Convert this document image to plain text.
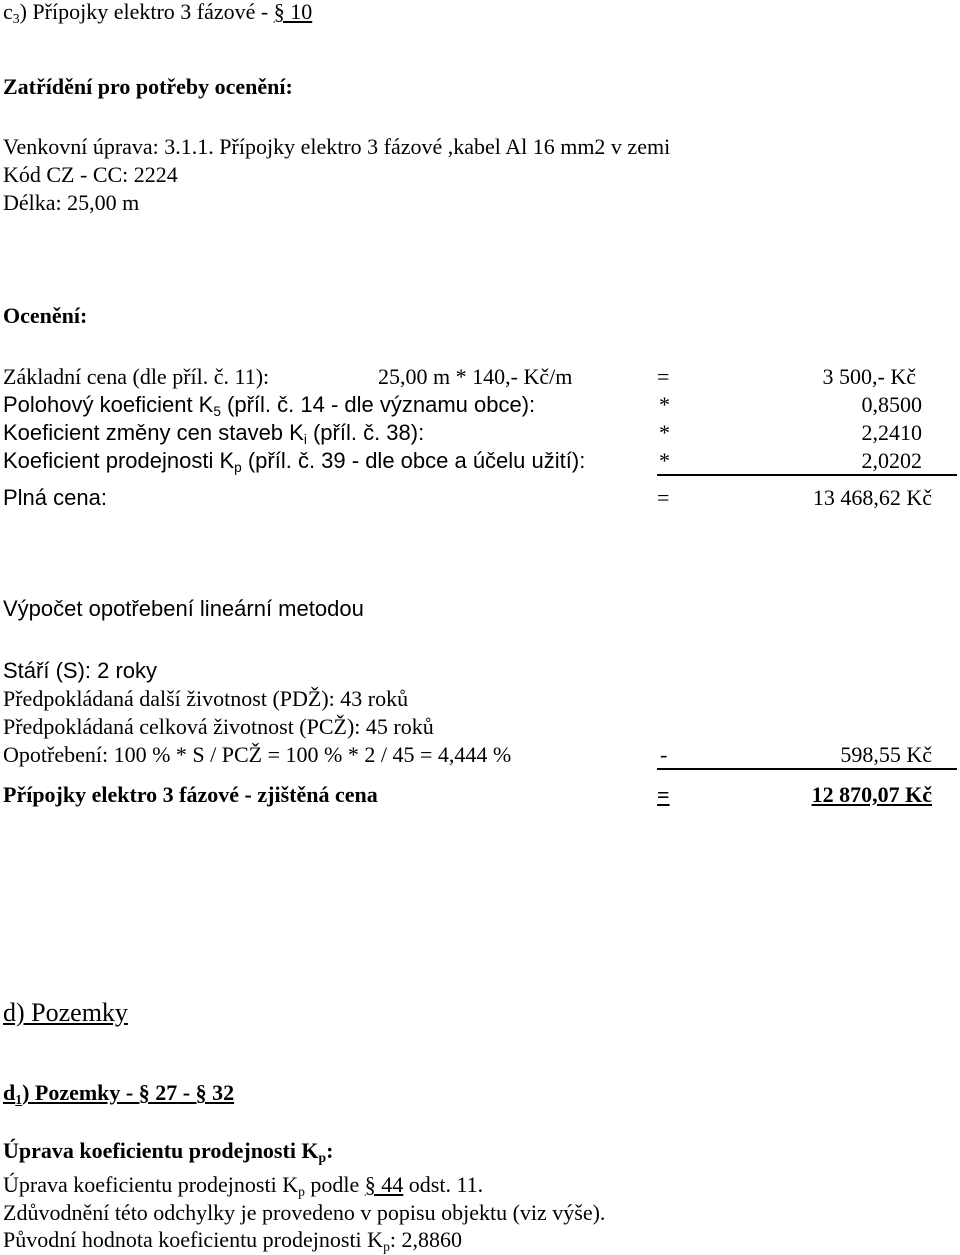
$c_3$) Přípojky elektro 3 fázové - § 10
Zatřídění pro potřeby ocenění:
Venkovní úprava: 3.1.1. Přípojky elektro 3 fázové ,kabel Al 16 mm2 v zemi
Kód CZ - CC: 2224
Délka: 25,00 m
Ocenění:
Základní cena (dle příl. č. 11):	25,00 m * 140,- Kč/m	=	3 500,- Kč
Polohový koeficient $K_5$ (příl. č. 14 - dle významu obce):	*	0,8500
Koeficient změny cen staveb $K_i$ (příl. č. 38):	*	2,2410
Koeficient prodejnosti $K_p$ (příl. č. 39 - dle obce a účelu užití):	*	2,0202
Plná cena:	=	13 468,62 Kč
Výpočet opotřebení lineární metodou
Stáří (S): 2 roky
Předpokládaná další životnost (PDŽ): 43 roků
Předpokládaná celková životnost (PCŽ): 45 roků
Opotřebení: 100 % * S / PCŽ = 100 % * 2 / 45 = 4,444 %	-	598,55 Kč
Přípojky elektro 3 fázové - zjištěná cena	=	12 870,07 Kč
d) Pozemky
$d_1$) Pozemky - § 27 - § 32
Úprava koeficientu prodejnosti $K_p$:
Úprava koeficientu prodejnosti $K_p$ podle § 44 odst. 11.
Zdůvodnění této odchylky je provedeno v popisu objektu (viz výše).
Původní hodnota koeficientu prodejnosti $K_p$: 2,8860
